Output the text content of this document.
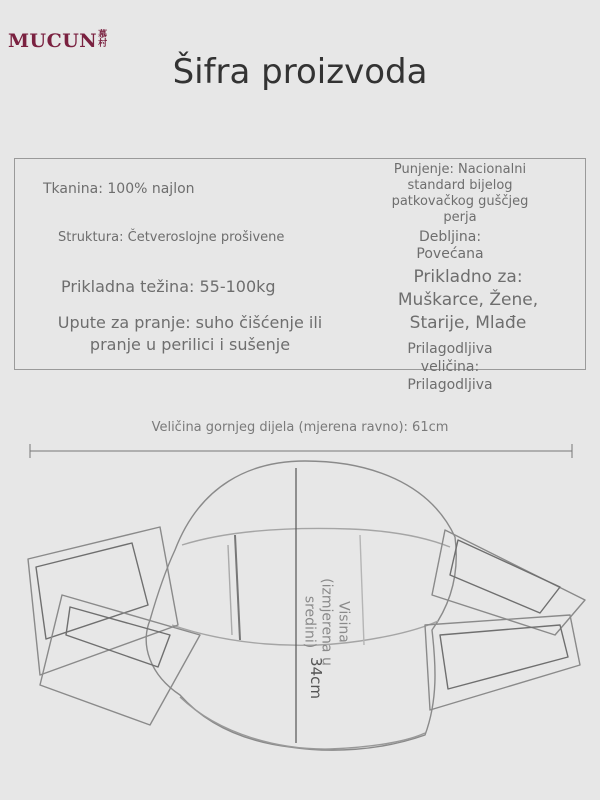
MUCUN慕村
Šifra proizvoda
Tkanina: 100% najlon
Struktura: Četveroslojne prošivene
Prikladna težina: 55-100kg
Upute za pranje: suho čišćenje ili
pranje u perilici i sušenje
Punjenje: Nacionalni
standard bijelog
patkovačkog guščjeg
perja
Debljina:
Povećana
Prikladno za:
Muškarce, Žene,
Starije, Mlađe
Prilagodljiva
veličina:
Prilagodljiva
Veličina gornjeg dijela (mjerena ravno): 61cm
Visina
(izmjerena u
sredini)
34cm
